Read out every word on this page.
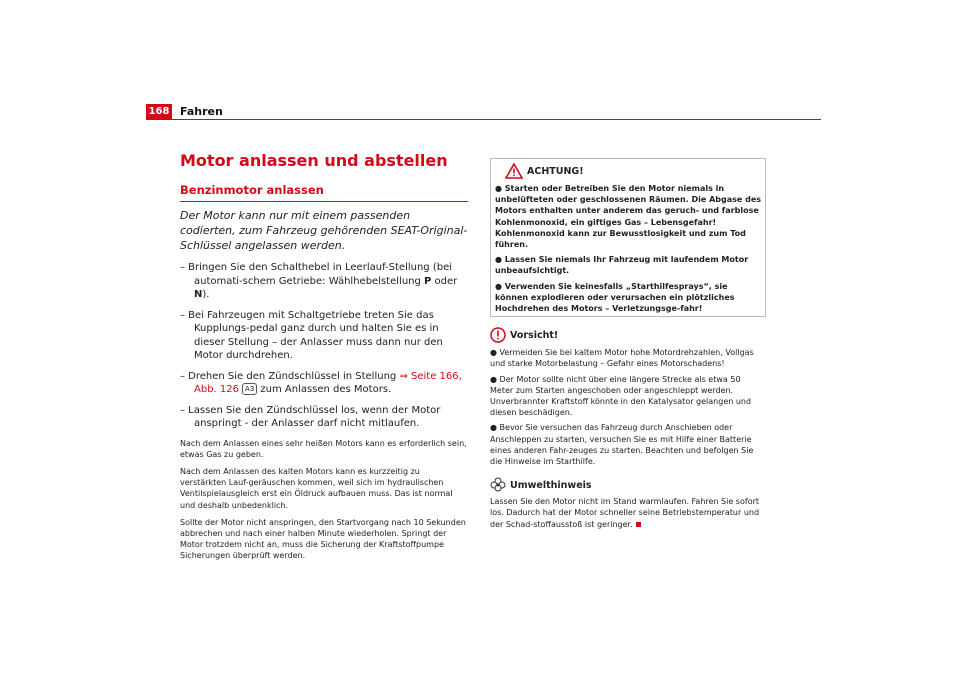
168 Fahren
Motor anlassen und abstellen
Benzinmotor anlassen
Der Motor kann nur mit einem passenden codierten, zum Fahrzeug gehörenden SEAT-Original-Schlüssel angelassen werden.
– Bringen Sie den Schalthebel in Leerlauf-Stellung (bei automati-schem Getriebe: Wählhebelstellung P oder N).
– Bei Fahrzeugen mit Schaltgetriebe treten Sie das Kupplungs-pedal ganz durch und halten Sie es in dieser Stellung – der Anlasser muss dann nur den Motor durchdrehen.
– Drehen Sie den Zündschlüssel in Stellung ⇒ Seite 166, Abb. 126 A3 zum Anlassen des Motors.
– Lassen Sie den Zündschlüssel los, wenn der Motor anspringt - der Anlasser darf nicht mitlaufen.
Nach dem Anlassen eines sehr heißen Motors kann es erforderlich sein, etwas Gas zu geben.
Nach dem Anlassen des kalten Motors kann es kurzzeitig zu verstärkten Lauf-geräuschen kommen, weil sich im hydraulischen Ventilspielausgleich erst ein Öldruck aufbauen muss. Das ist normal und deshalb unbedenklich.
Sollte der Motor nicht anspringen, den Startvorgang nach 10 Sekunden abbrechen und nach einer halben Minute wiederholen. Springt der Motor trotzdem nicht an, muss die Sicherung der Kraftstoffpumpe Sicherungen überprüft werden.
ACHTUNG!
● Starten oder Betreiben Sie den Motor niemals in unbelüfteten oder geschlossenen Räumen. Die Abgase des Motors enthalten unter anderem das geruch- und farblose Kohlenmonoxid, ein giftiges Gas – Lebensgefahr! Kohlenmonoxid kann zur Bewusstlosigkeit und zum Tod führen.
● Lassen Sie niemals Ihr Fahrzeug mit laufendem Motor unbeaufsichtigt.
● Verwenden Sie keinesfalls „Starthilfesprays“, sie können explodieren oder verursachen ein plötzliches Hochdrehen des Motors – Verletzungsge-fahr!
Vorsicht!
● Vermeiden Sie bei kaltem Motor hohe Motordrehzahlen, Vollgas und starke Motorbelastung – Gefahr eines Motorschadens!
● Der Motor sollte nicht über eine längere Strecke als etwa 50 Meter zum Starten angeschoben oder angeschleppt werden. Unverbrannter Kraftstoff könnte in den Katalysator gelangen und diesen beschädigen.
● Bevor Sie versuchen das Fahrzeug durch Anschieben oder Anschleppen zu starten, versuchen Sie es mit Hilfe einer Batterie eines anderen Fahr-zeuges zu starten. Beachten und befolgen Sie die Hinweise im Starthilfe.
Umwelthinweis
Lassen Sie den Motor nicht im Stand warmlaufen. Fahren Sie sofort los. Dadurch hat der Motor schneller seine Betriebstemperatur und der Schad-stoffausstoß ist geringer.
